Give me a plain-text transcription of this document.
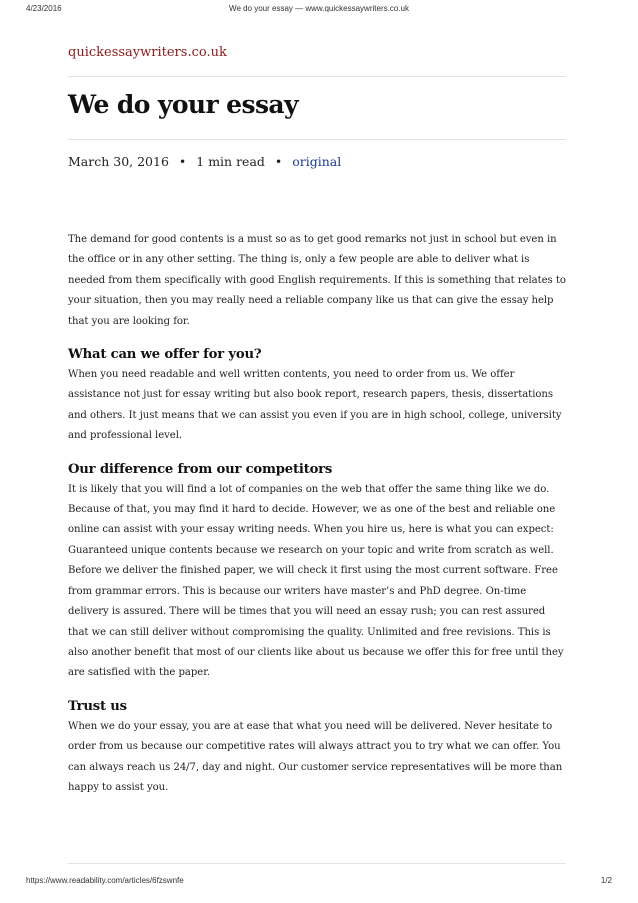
4/23/2016	We do your essay — www.quickessaywriters.co.uk
quickessaywriters.co.uk
We do your essay
March 30, 2016 • 1 min read • original

The demand for good contents is a must so as to get good remarks not just in school but even in the office or in any other setting. The thing is, only a few people are able to deliver what is needed from them specifically with good English requirements. If this is something that relates to your situation, then you may really need a reliable company like us that can give the essay help that you are looking for.

What can we offer for you?

When you need readable and well written contents, you need to order from us. We offer assistance not just for essay writing but also book report, research papers, thesis, dissertations and others. It just means that we can assist you even if you are in high school, college, university and professional level.

Our difference from our competitors

It is likely that you will find a lot of companies on the web that offer the same thing like we do. Because of that, you may find it hard to decide. However, we as one of the best and reliable one online can assist with your essay writing needs. When you hire us, here is what you can expect: Guaranteed unique contents because we research on your topic and write from scratch as well. Before we deliver the finished paper, we will check it first using the most current software. Free from grammar errors. This is because our writers have master’s and PhD degree. On-time delivery is assured. There will be times that you will need an essay rush; you can rest assured that we can still deliver without compromising the quality. Unlimited and free revisions. This is also another benefit that most of our clients like about us because we offer this for free until they are satisfied with the paper.

Trust us

When we do your essay, you are at ease that what you need will be delivered. Never hesitate to order from us because our competitive rates will always attract you to try what we can offer. You can always reach us 24/7, day and night. Our customer service representatives will be more than happy to assist you.

https://www.readability.com/articles/6fzswnfe	1/2
